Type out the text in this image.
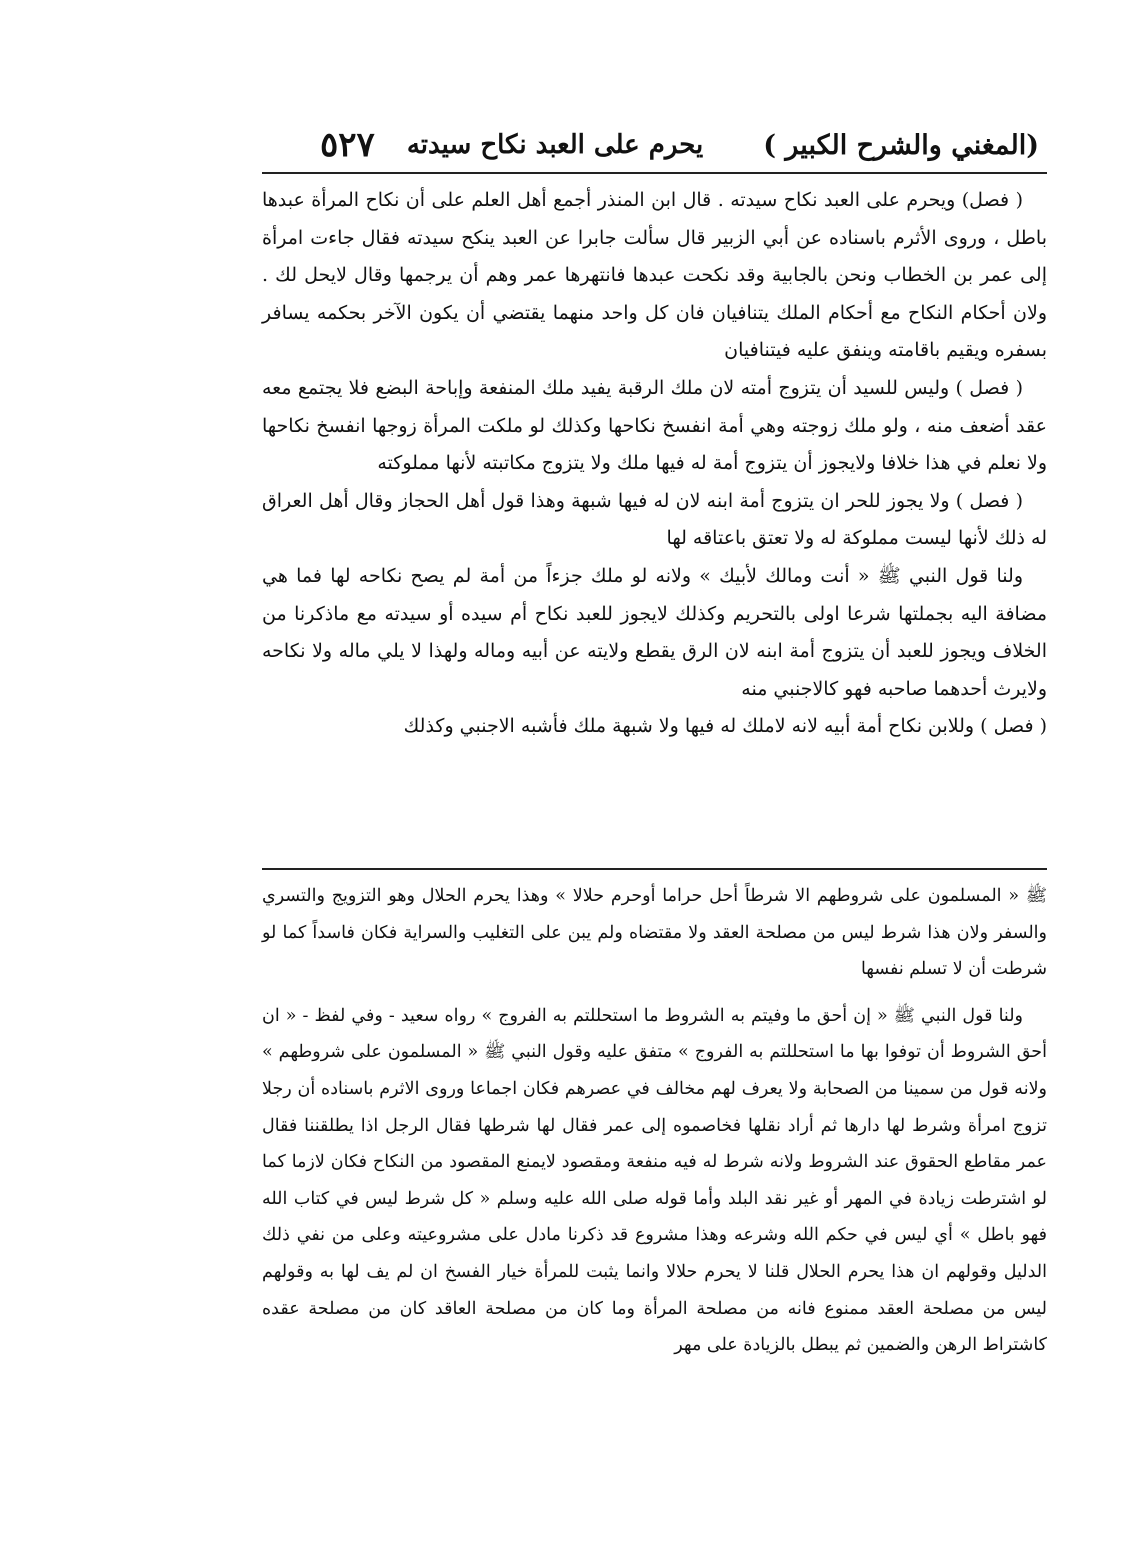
(المغني والشرح الكبير )
يحرم على العبد نكاح سيدته
٥٢٧

( فصل) ويحرم على العبد نكاح سيدته . قال ابن المنذر أجمع أهل العلم على أن نكاح المرأة عبدها باطل ، وروى الأثرم باسناده عن أبي الزبير قال سألت جابرا عن العبد ينكح سيدته فقال جاءت امرأة إلى عمر بن الخطاب ونحن بالجابية وقد نكحت عبدها فانتهرها عمر وهم أن يرجمها وقال لايحل لك . ولان أحكام النكاح مع أحكام الملك يتنافيان فان كل واحد منهما يقتضي أن يكون الآخر بحكمه يسافر بسفره ويقيم باقامته وينفق عليه فيتنافيان

( فصل ) وليس للسيد أن يتزوج أمته لان ملك الرقبة يفيد ملك المنفعة وإباحة البضع فلا يجتمع معه عقد أضعف منه ، ولو ملك زوجته وهي أمة انفسخ نكاحها وكذلك لو ملكت المرأة زوجها انفسخ نكاحها ولا نعلم في هذا خلافا ولايجوز أن يتزوج أمة له فيها ملك ولا يتزوج مكاتبته لأنها مملوكته

( فصل ) ولا يجوز للحر ان يتزوج أمة ابنه لان له فيها شبهة وهذا قول أهل الحجاز وقال أهل العراق له ذلك لأنها ليست مملوكة له ولا تعتق باعتاقه لها

ولنا قول النبي ﷺ « أنت ومالك لأبيك » ولانه لو ملك جزءاً من أمة لم يصح نكاحه لها فما هي مضافة اليه بجملتها شرعا اولى بالتحريم وكذلك لايجوز للعبد نكاح أم سيده أو سيدته مع ماذكرنا من الخلاف ويجوز للعبد أن يتزوج أمة ابنه لان الرق يقطع ولايته عن أبيه وماله ولهذا لا يلي ماله ولا نكاحه ولايرث أحدهما صاحبه فهو كالاجنبي منه

( فصل ) وللابن نكاح أمة أبيه لانه لاملك له فيها ولا شبهة ملك فأشبه الاجنبي وكذلك

ﷺ « المسلمون على شروطهم الا شرطاً أحل حراما أوحرم حلالا » وهذا يحرم الحلال وهو التزويج والتسري والسفر ولان هذا شرط ليس من مصلحة العقد ولا مقتضاه ولم يبن على التغليب والسراية فكان فاسداً كما لو شرطت أن لا تسلم نفسها

ولنا قول النبي ﷺ « إن أحق ما وفيتم به الشروط ما استحللتم به الفروج » رواه سعيد - وفي لفظ - « ان أحق الشروط أن توفوا بها ما استحللتم به الفروج » متفق عليه وقول النبي ﷺ « المسلمون على شروطهم » ولانه قول من سمينا من الصحابة ولا يعرف لهم مخالف في عصرهم فكان اجماعا وروى الاثرم باسناده أن رجلا تزوج امرأة وشرط لها دارها ثم أراد نقلها فخاصموه إلى عمر فقال لها شرطها فقال الرجل اذا يطلقننا فقال عمر مقاطع الحقوق عند الشروط ولانه شرط له فيه منفعة ومقصود لايمنع المقصود من النكاح فكان لازما كما لو اشترطت زيادة في المهر أو غير نقد البلد وأما قوله صلى الله عليه وسلم « كل شرط ليس في كتاب الله فهو باطل » أي ليس في حكم الله وشرعه وهذا مشروع قد ذكرنا مادل على مشروعيته وعلى من نفي ذلك الدليل وقولهم ان هذا يحرم الحلال قلنا لا يحرم حلالا وانما يثبت للمرأة خيار الفسخ ان لم يف لها به وقولهم ليس من مصلحة العقد ممنوع فانه من مصلحة المرأة وما كان من مصلحة العاقد كان من مصلحة عقده كاشتراط الرهن والضمين ثم يبطل بالزيادة على مهر
